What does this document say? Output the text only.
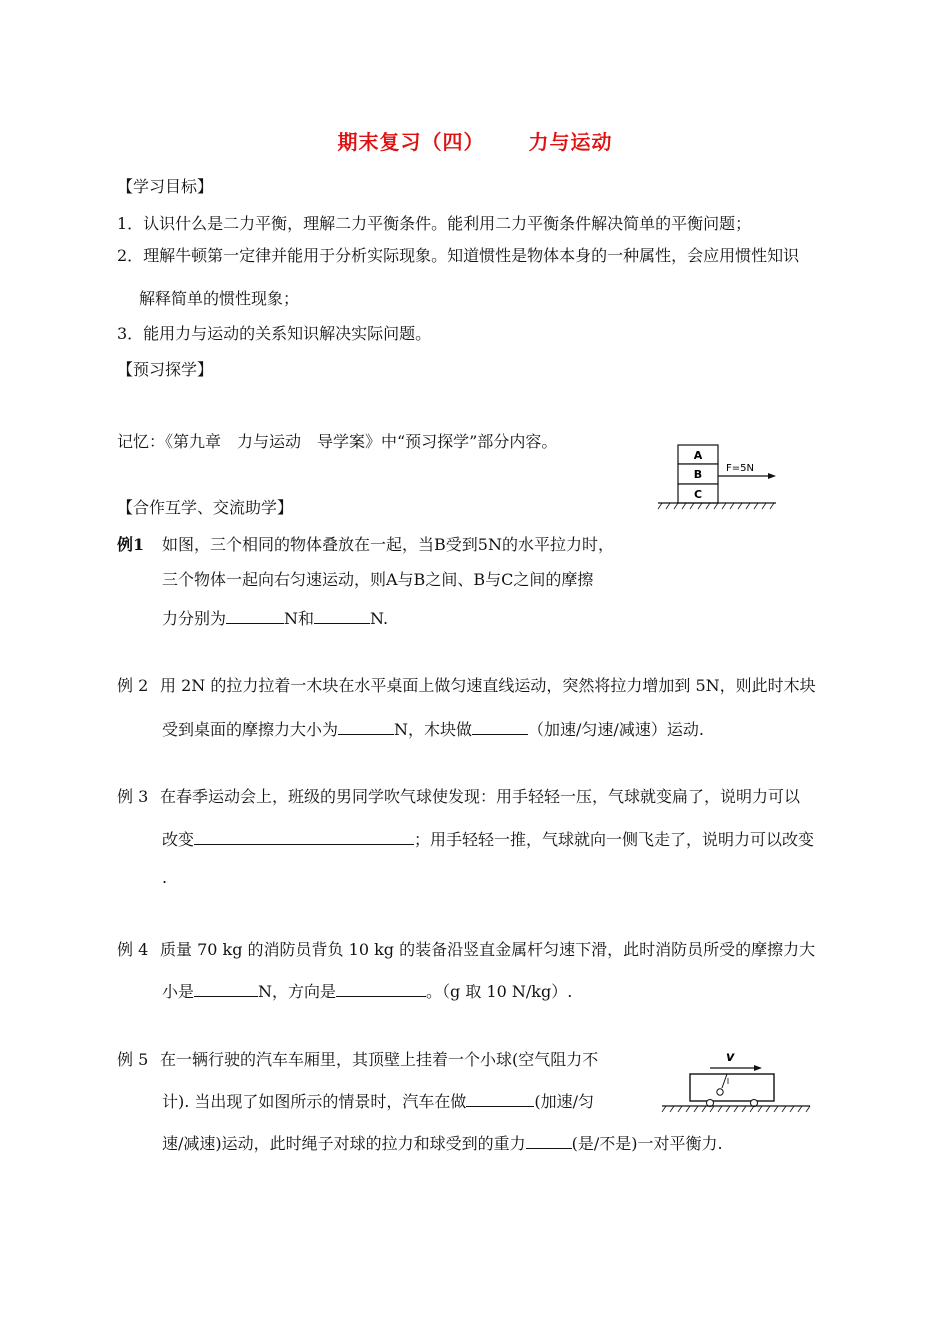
期末复习（四） 力与运动
【学习目标】
1．认识什么是二力平衡，理解二力平衡条件。能利用二力平衡条件解决简单的平衡问题；
2．理解牛顿第一定律并能用于分析实际现象。知道惯性是物体本身的一种属性，会应用惯性知识
解释简单的惯性现象；
3．能用力与运动的关系知识解决实际问题。
【预习探学】
记忆：《第九章　力与运动　导学案》中“预习探学”部分内容。
A
B
C
F=5N
【合作互学、交流助学】
例1 如图，三个相同的物体叠放在一起，当B受到5N的水平拉力时，
三个物体一起向右匀速运动，则A与B之间、B与C之间的摩擦
力分别为	N和	N.
例 2 用 2N 的拉力拉着一木块在水平桌面上做匀速直线运动，突然将拉力增加到 5N，则此时木块
受到桌面的摩擦力大小为	N，木块做	（加速/匀速/减速）运动.
例 3 在春季运动会上，班级的男同学吹气球使发现：用手轻轻一压，气球就变扁了，说明力可以
改变	；用手轻轻一推，气球就向一侧飞走了，说明力可以改变
.
例 4 质量 70 kg 的消防员背负 10 kg 的装备沿竖直金属杆匀速下滑，此时消防员所受的摩擦力大
小是	N，方向是	。（g 取 10 N/kg）.
例 5 在一辆行驶的汽车车厢里，其顶壁上挂着一个小球(空气阻力不
计). 当出现了如图所示的情景时，汽车在做	(加速/匀
速/减速)运动，此时绳子对球的拉力和球受到的重力	(是/不是)一对平衡力.
v
